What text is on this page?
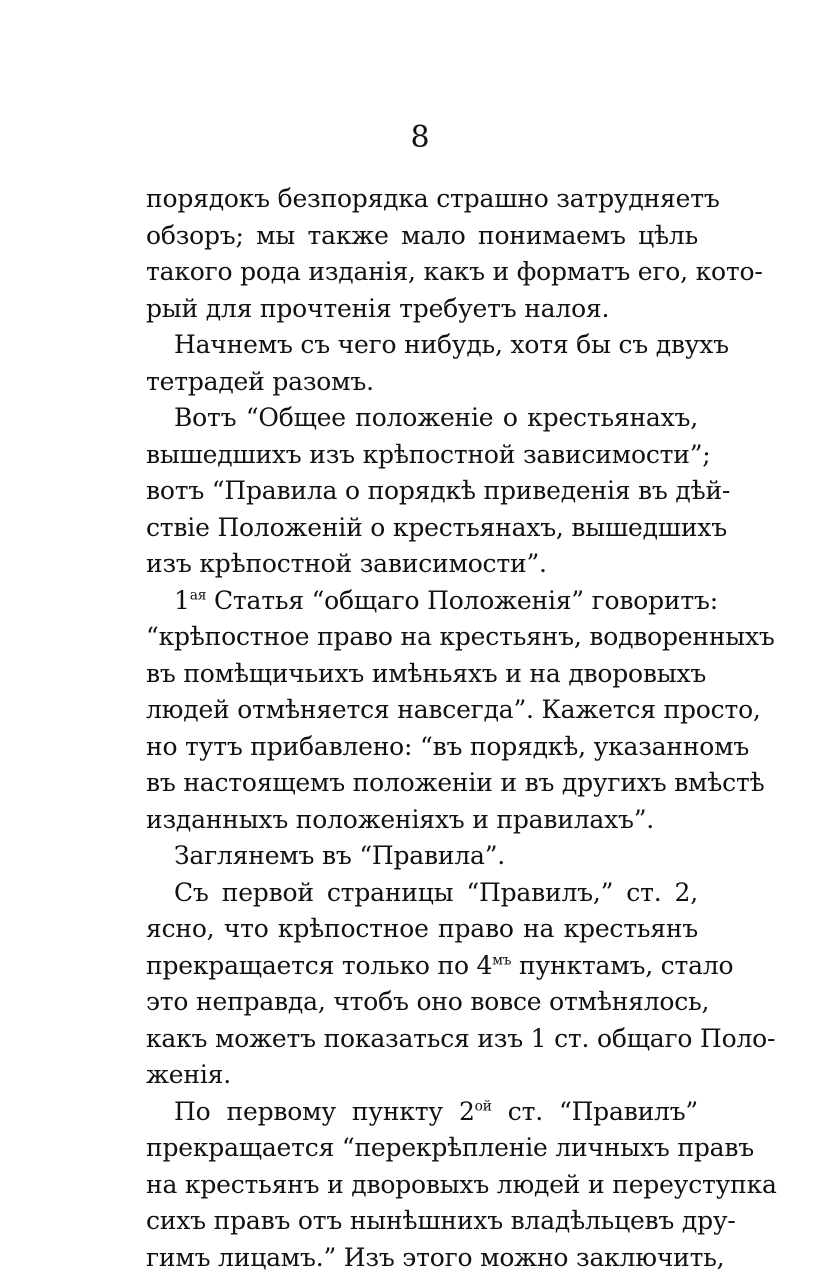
8
порядокъ безпорядка страшно затрудняетъ
обзоръ; мы также мало понимаемъ цѣль
такого рода изданія, какъ и форматъ его, кото-
рый для прочтенія требуетъ налоя.
Начнемъ съ чего нибудь, хотя бы съ двухъ
тетрадей разомъ.
Вотъ “Общее положеніе о крестьянахъ,
вышедшихъ изъ крѣпостной зависимости”;
вотъ “Правила о порядкѣ приведенія въ дѣй-
ствіе Положеній о крестьянахъ, вышедшихъ
изъ крѣпостной зависимости”.
$1^{ая}$ Статья “общаго Положенія” говоритъ:
“крѣпостное право на крестьянъ, водворенныхъ
въ помѣщичьихъ имѣньяхъ и на дворовыхъ
людей отмѣняется навсегда”. Кажется просто,
но тутъ прибавлено: “въ порядкѣ, указанномъ
въ настоящемъ положеніи и въ другихъ вмѣстѣ
изданныхъ положеніяхъ и правилахъ”.
Заглянемъ въ “Правила”.
Съ первой страницы “Правилъ,” ст. 2,
ясно, что крѣпостное право на крестьянъ
прекращается только по $4^{мъ}$ пунктамъ, стало
это неправда, чтобъ оно вовсе отмѣнялось,
какъ можетъ показаться изъ 1 ст. общаго Поло-
женія.
По первому пункту $2^{ой}$ ст. “Правилъ”
прекращается “перекрѣпленіе личныхъ правъ
на крестьянъ и дворовыхъ людей и переуступка
сихъ правъ отъ нынѣшнихъ владѣльцевъ дру-
гимъ лицамъ.” Изъ этого можно заключить,
